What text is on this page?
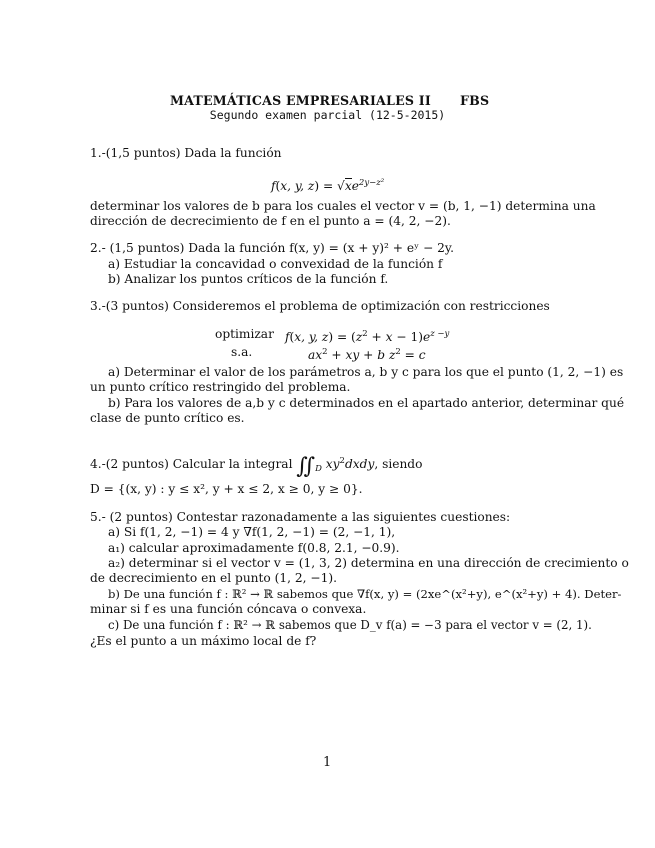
MATEMÁTICAS EMPRESARIALES II FBS
Segundo examen parcial (12-5-2015)
1.-(1,5 puntos) Dada la función
f(x, y, $z) = √xe^{2y-z^2}$
determinar los valores de b para los cuales el vector v = (b, 1, −1) determina una
dirección de decrecimiento de f en el punto a = (4, 2, −2).
2.- (1,5 puntos) Dada la función f(x, y) = (x + y)² + eʸ − 2y.
a) Estudiar la concavidad o convexidad de la función f
b) Analizar los puntos críticos de la función f.
3.-(3 puntos) Consideremos el problema de optimización con restricciones
optimizar f(x, y, $z) = (z^2 + x - 1)e^{z -y}$
s.a.	$ax^2$ + xy + b $z^2 = c$
a) Determinar el valor de los parámetros a, b y c para los que el punto (1, 2, −1) es
un punto crítico restringido del problema.
b) Para los valores de a,b y c determinados en el apartado anterior, determinar qué
clase de punto crítico es.
4.-(2 puntos) Calcular la integral $∬_D$ $xy^2dxdy$, siendo
D = {(x, y) : y ≤ x², y + x ≤ 2, x ≥ 0, y ≥ 0}.
5.- (2 puntos) Contestar razonadamente a las siguientes cuestiones:
a) Si f(1, 2, −1) = 4 y ∇f(1, 2, −1) = (2, −1, 1),
a₁) calcular aproximadamente f(0.8, 2.1, −0.9).
a₂) determinar si el vector v = (1, 3, 2) determina en una dirección de crecimiento o
de decrecimiento en el punto (1, 2, −1).
b) De una función f : ℝ² → ℝ sabemos que ∇f(x, y) = (2xe^(x²+y), e^(x²+y) + 4). Deter-
minar si f es una función cóncava o convexa.
c) De una función f : ℝ² → ℝ sabemos que D_v f(a) = −3 para el vector v = (2, 1).
¿Es el punto a un máximo local de f?
1
